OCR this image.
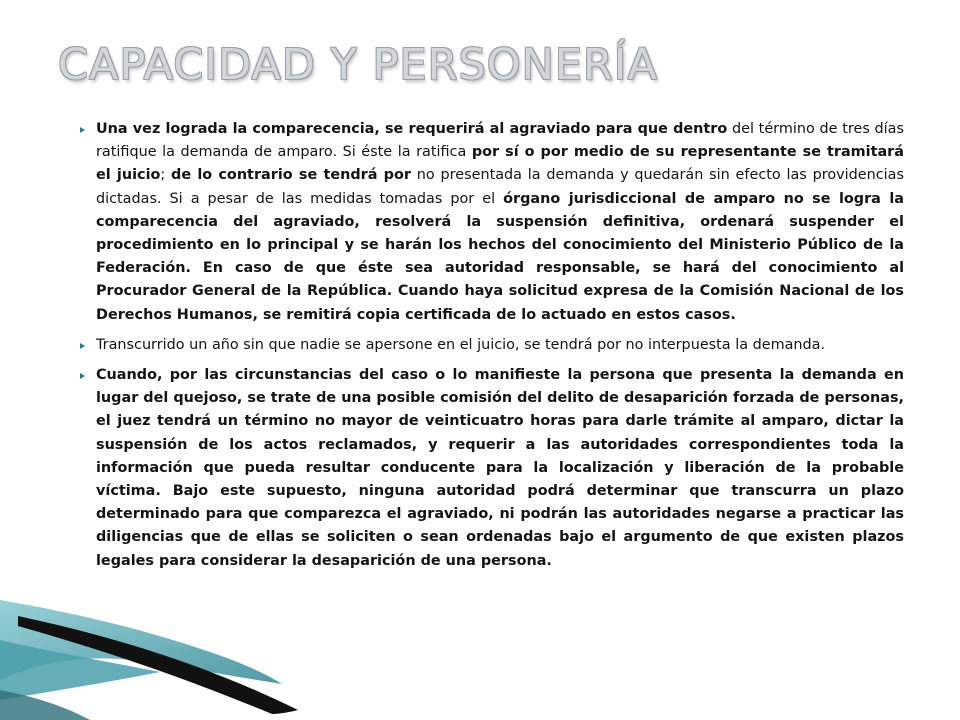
CAPACIDAD Y PERSONERÍA

Una vez lograda la comparecencia, se requerirá al agraviado para que dentro del término de tres días ratifique la demanda de amparo. Si éste la ratifica por sí o por medio de su representante se tramitará el juicio; de lo contrario se tendrá por no presentada la demanda y quedarán sin efecto las providencias dictadas. Si a pesar de las medidas tomadas por el órgano jurisdiccional de amparo no se logra la comparecencia del agraviado, resolverá la suspensión definitiva, ordenará suspender el procedimiento en lo principal y se harán los hechos del conocimiento del Ministerio Público de la Federación. En caso de que éste sea autoridad responsable, se hará del conocimiento al Procurador General de la República. Cuando haya solicitud expresa de la Comisión Nacional de los Derechos Humanos, se remitirá copia certificada de lo actuado en estos casos.

Transcurrido un año sin que nadie se apersone en el juicio, se tendrá por no interpuesta la demanda.

Cuando, por las circunstancias del caso o lo manifieste la persona que presenta la demanda en lugar del quejoso, se trate de una posible comisión del delito de desaparición forzada de personas, el juez tendrá un término no mayor de veinticuatro horas para darle trámite al amparo, dictar la suspensión de los actos reclamados, y requerir a las autoridades correspondientes toda la información que pueda resultar conducente para la localización y liberación de la probable víctima. Bajo este supuesto, ninguna autoridad podrá determinar que transcurra un plazo determinado para que comparezca el agraviado, ni podrán las autoridades negarse a practicar las diligencias que de ellas se soliciten o sean ordenadas bajo el argumento de que existen plazos legales para considerar la desaparición de una persona.
